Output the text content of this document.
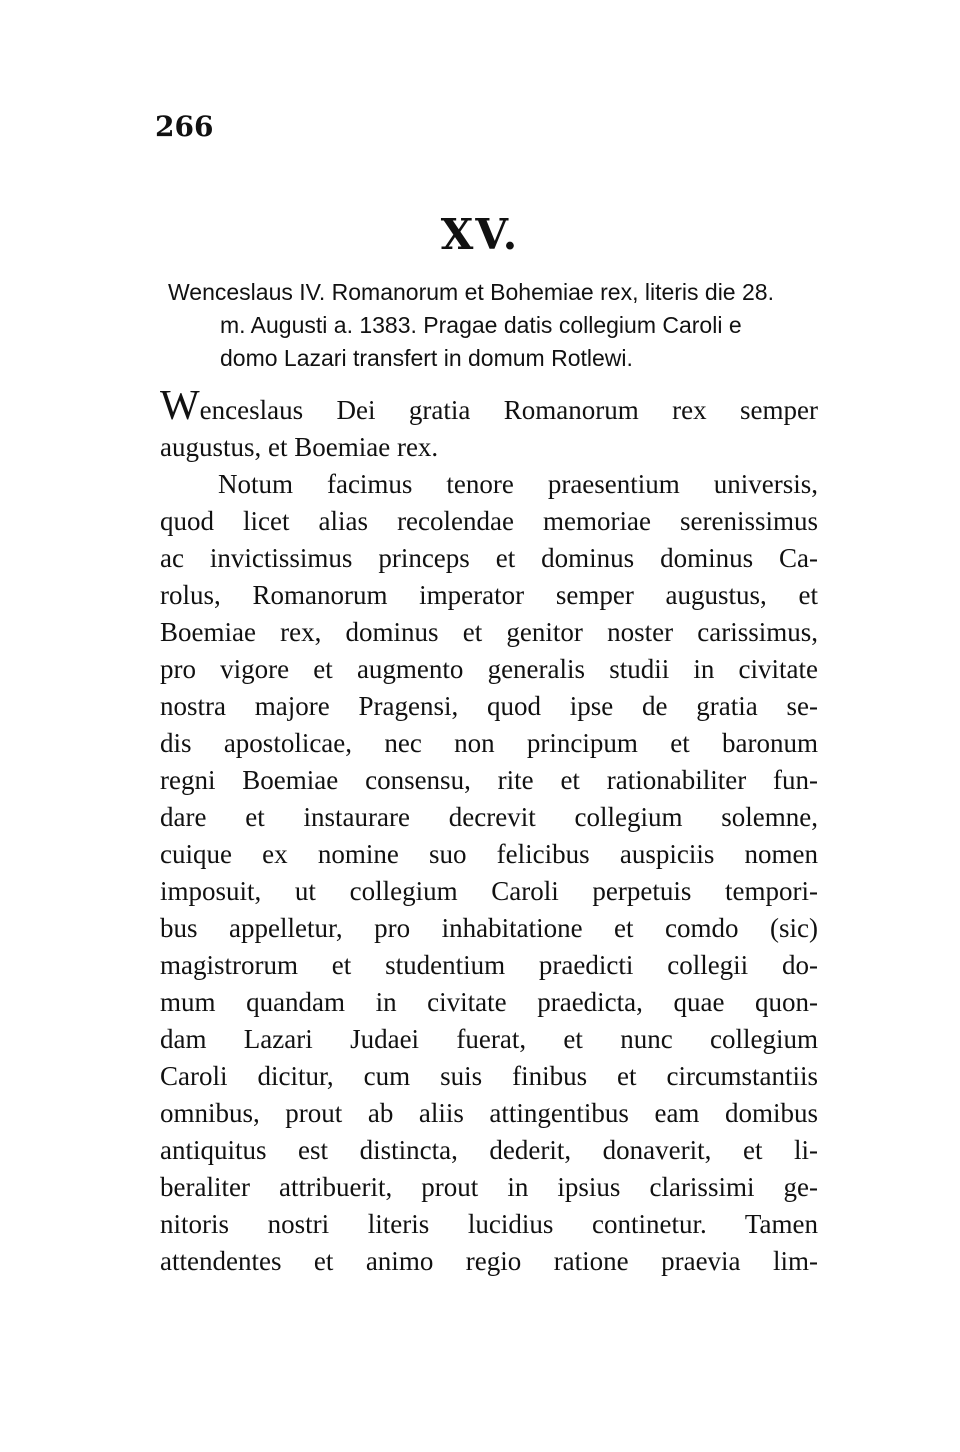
266
XV.
Wenceslaus IV. Romanorum et Bohemiae rex, literis die 28.
m. Augusti a. 1383. Pragae datis collegium Caroli e
domo Lazari transfert in domum Rotlewi.
Wenceslaus Dei gratia Romanorum rex semper
augustus, et Boemiae rex.
Notum facimus tenore praesentium universis,
quod licet alias recolendae memoriae serenissimus
ac invictissimus princeps et dominus dominus Ca-
rolus, Romanorum imperator semper augustus, et
Boemiae rex, dominus et genitor noster carissimus,
pro vigore et augmento generalis studii in civitate
nostra majore Pragensi, quod ipse de gratia se-
dis apostolicae, nec non principum et baronum
regni Boemiae consensu, rite et rationabiliter fun-
dare et instaurare decrevit collegium solemne,
cuique ex nomine suo felicibus auspiciis nomen
imposuit, ut collegium Caroli perpetuis tempori-
bus appelletur, pro inhabitatione et comdo (sic)
magistrorum et studentium praedicti collegii do-
mum quandam in civitate praedicta, quae quon-
dam Lazari Judaei fuerat, et nunc collegium
Caroli dicitur, cum suis finibus et circumstantiis
omnibus, prout ab aliis attingentibus eam domibus
antiquitus est distincta, dederit, donaverit, et li-
beraliter attribuerit, prout in ipsius clarissimi ge-
nitoris nostri literis lucidius continetur. Tamen
attendentes et animo regio ratione praevia lim-
